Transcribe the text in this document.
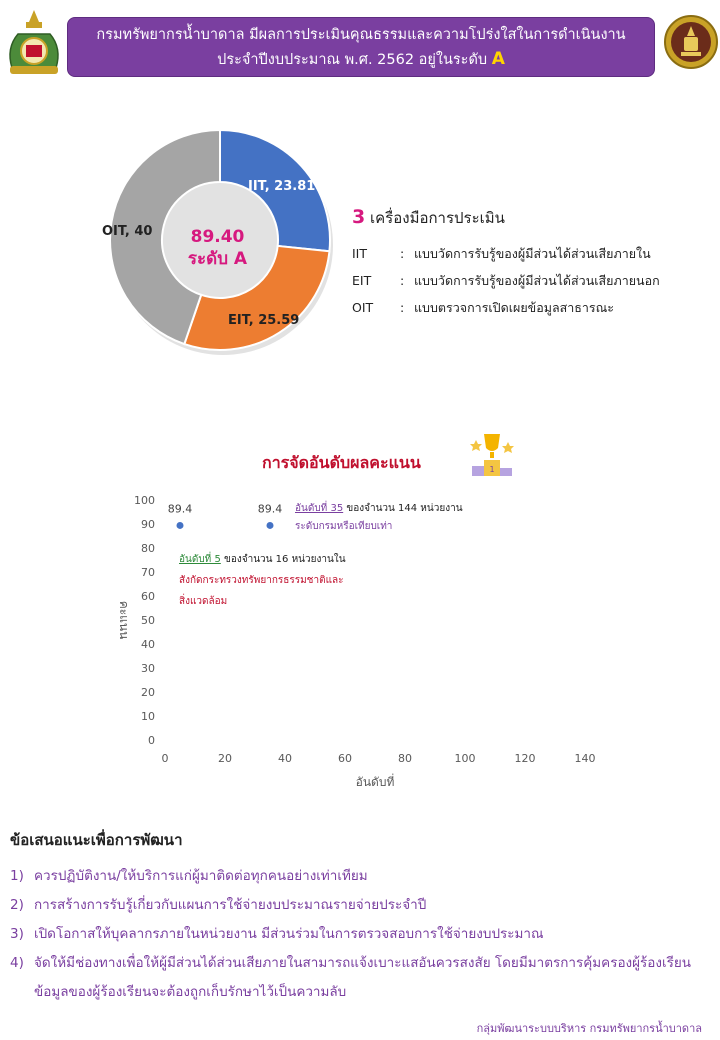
กรมทรัพยากรน้ำบาดาล มีผลการประเมินคุณธรรมและความโปร่งใสในการดำเนินงาน
ประจำปีงบประมาณ พ.ศ. 2562 อยู่ในระดับ A
IIT, 23.81
EIT, 25.59
OIT, 40	89.40
ระดับ A
3 เครื่องมือการประเมิน
IIT	: แบบวัดการรับรู้ของผู้มีส่วนได้ส่วนเสียภายใน
EIT	: แบบวัดการรับรู้ของผู้มีส่วนได้ส่วนเสียภายนอก
OIT	: แบบตรวจการเปิดเผยข้อมูลสาธารณะ
การจัดอันดับผลคะแนน	1
0
10
20
30
40
50
60
70
80
90
100
0	20	40	60	80	100	120	140
89.4	89.4
อันดับที่
คะแนน
อันดับที่ 35 ของจำนวน 144 หน่วยงาน
ระดับกรมหรือเทียบเท่า
อันดับที่ 5 ของจำนวน 16 หน่วยงานใน
สังกัดกระทรวงทรัพยากรธรรมชาติและ
สิ่งแวดล้อม
ข้อเสนอแนะเพื่อการพัฒนา
1) ควรปฏิบัติงาน/ให้บริการแก่ผู้มาติดต่อทุกคนอย่างเท่าเทียม
2) การสร้างการรับรู้เกี่ยวกับแผนการใช้จ่ายงบประมาณรายจ่ายประจำปี
3) เปิดโอกาสให้บุคลากรภายในหน่วยงาน มีส่วนร่วมในการตรวจสอบการใช้จ่ายงบประมาณ
4) จัดให้มีช่องทางเพื่อให้ผู้มีส่วนได้ส่วนเสียภายในสามารถแจ้งเบาะแสอันควรสงสัย โดยมีมาตรการคุ้มครองผู้ร้องเรียน ข้อมูลของผู้ร้องเรียนจะต้องถูกเก็บรักษาไว้เป็นความลับ
กลุ่มพัฒนาระบบบริหาร กรมทรัพยากรน้ำบาดาล
